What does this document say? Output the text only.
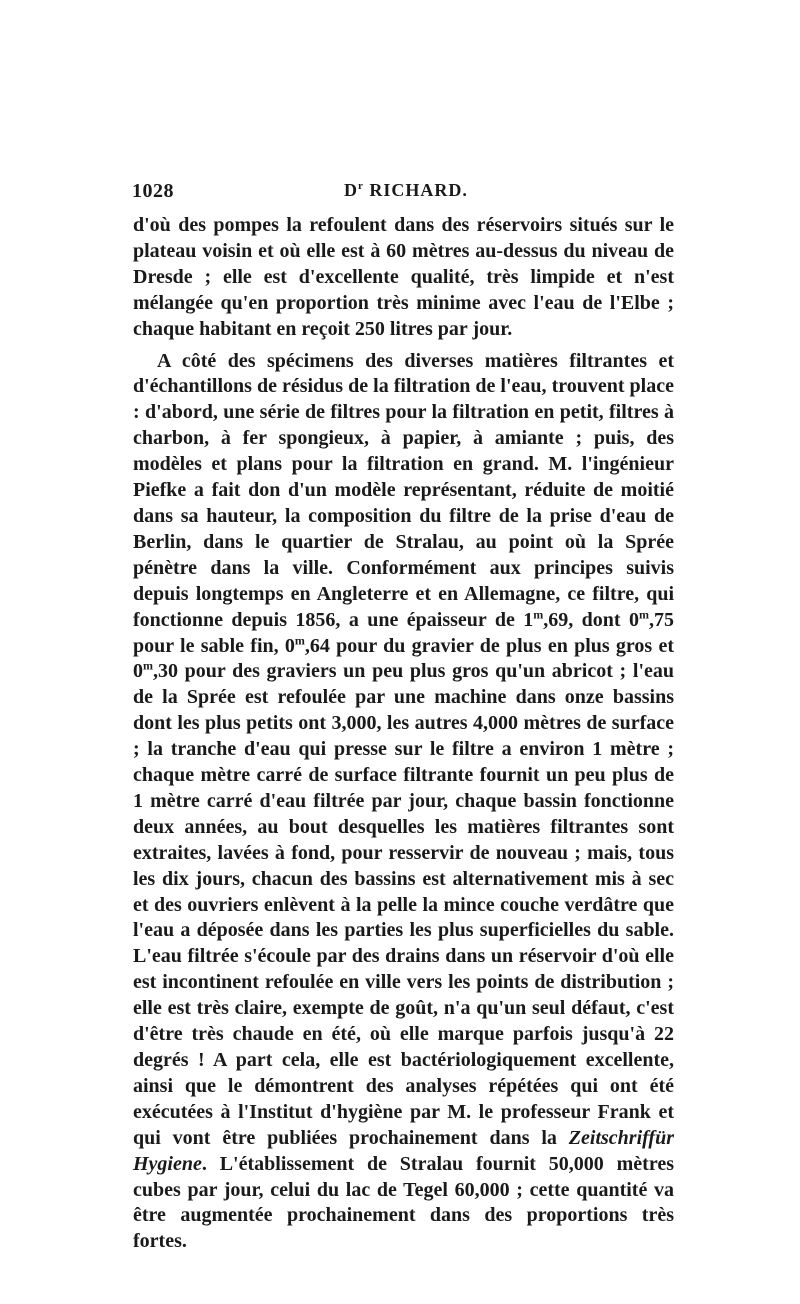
1028	$D^r$ RICHARD.

d'où des pompes la refoulent dans des réservoirs situés sur le plateau voisin et où elle est à 60 mètres au-dessus du niveau de Dresde ; elle est d'excellente qualité, très limpide et n'est mélangée qu'en proportion très minime avec l'eau de l'Elbe ; chaque habitant en reçoit 250 litres par jour.

A côté des spécimens des diverses matières filtrantes et d'échantillons de résidus de la filtration de l'eau, trouvent place : d'abord, une série de filtres pour la filtration en petit, filtres à charbon, à fer spongieux, à papier, à amiante ; puis, des modèles et plans pour la filtration en grand. M. l'ingénieur Piefke a fait don d'un modèle représentant, réduite de moitié dans sa hauteur, la composition du filtre de la prise d'eau de Berlin, dans le quartier de Stralau, au point où la Sprée pénètre dans la ville. Conformément aux principes suivis depuis longtemps en Angleterre et en Allemagne, ce filtre, qui fonctionne depuis 1856, a une épaisseur de 1$^m$,69, dont 0$^m$,75 pour le sable fin, 0$^m$,64 pour du gravier de plus en plus gros et 0$^m$,30 pour des graviers un peu plus gros qu'un abricot ; l'eau de la Sprée est refoulée par une machine dans onze bassins dont les plus petits ont 3,000, les autres 4,000 mètres de surface ; la tranche d'eau qui presse sur le filtre a environ 1 mètre ; chaque mètre carré de surface filtrante fournit un peu plus de 1 mètre carré d'eau filtrée par jour, chaque bassin fonctionne deux années, au bout desquelles les matières filtrantes sont extraites, lavées à fond, pour resservir de nouveau ; mais, tous les dix jours, chacun des bassins est alternativement mis à sec et des ouvriers enlèvent à la pelle la mince couche verdâtre que l'eau a déposée dans les parties les plus superficielles du sable. L'eau filtrée s'écoule par des drains dans un réservoir d'où elle est incontinent refoulée en ville vers les points de distribution ; elle est très claire, exempte de goût, n'a qu'un seul défaut, c'est d'être très chaude en été, où elle marque parfois jusqu'à 22 degrés ! A part cela, elle est bactériologiquement excellente, ainsi que le démontrent des analyses répétées qui ont été exécutées à l'Institut d'hygiène par M. le professeur Frank et qui vont être publiées prochainement dans la Zeitschriffür Hygiene. L'établissement de Stralau fournit 50,000 mètres cubes par jour, celui du lac de Tegel 60,000 ; cette quantité va être augmentée prochainement dans des proportions très fortes.
